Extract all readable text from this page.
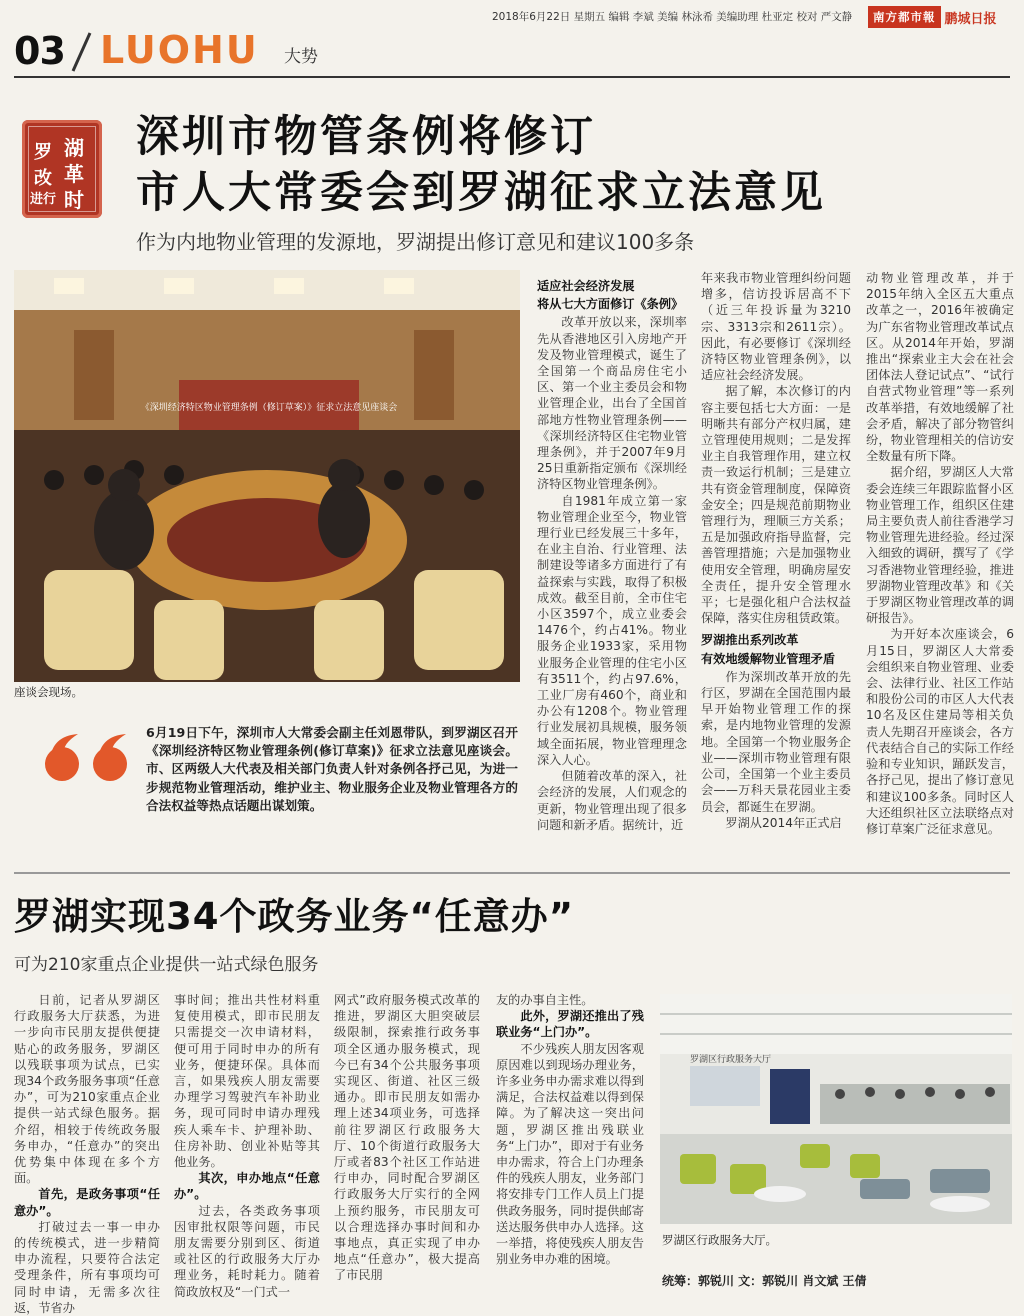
2018年6月22日 星期五 编辑 李斌 美编 林泳希 美编助理 杜亚定 校对 严文静	南方都市報 鹏城日报
03 LUOHU 大势
湖
革
时
罗
改
进行
深圳市物管条例将修订
市人大常委会到罗湖征求立法意见
作为内地物业管理的发源地，罗湖提出修订意见和建议100多条
《深圳经济特区物业管理条例（修订草案）》征求立法意见座谈会
座谈会现场。
6月19日下午，深圳市人大常委会副主任刘恩带队，到罗湖区召开《深圳经济特区物业管理条例(修订草案)》征求立法意见座谈会。市、区两级人大代表及相关部门负责人针对条例各抒己见，为进一步规范物业管理活动，维护业主、物业服务企业及物业管理各方的合法权益等热点话题出谋划策。

适应社会经济发展

将从七大方面修订《条例》

改革开放以来，深圳率先从香港地区引入房地产开发及物业管理模式，诞生了全国第一个商品房住宅小区、第一个业主委员会和物业管理企业，出台了全国首部地方性物业管理条例——《深圳经济特区住宅物业管理条例》，并于2007年9月25日重新指定颁布《深圳经济特区物业管理条例》。

自1981年成立第一家物业管理企业至今，物业管理行业已经发展三十多年，在业主自治、行业管理、法制建设等诸多方面进行了有益探索与实践，取得了积极成效。截至目前，全市住宅小区3597个，成立业委会1476个，约占41%。物业服务企业1933家，采用物业服务企业管理的住宅小区有3511个，约占97.6%，工业厂房有460个，商业和办公有1208个。物业管理行业发展初具规模，服务领域全面拓展，物业管理理念深入人心。

但随着改革的深入，社会经济的发展，人们观念的更新，物业管理出现了很多问题和新矛盾。据统计，近

年来我市物业管理纠纷问题增多，信访投诉居高不下（近三年投诉量为3210宗、3313宗和2611宗）。因此，有必要修订《深圳经济特区物业管理条例》，以适应社会经济发展。

据了解，本次修订的内容主要包括七大方面：一是明晰共有部分产权归属，建立管理使用规则；二是发挥业主自我管理作用，建立权责一致运行机制；三是建立共有资金管理制度，保障资金安全；四是规范前期物业管理行为，理顺三方关系；五是加强政府指导监督，完善管理措施；六是加强物业使用安全管理，明确房屋安全责任，提升安全管理水平；七是强化租户合法权益保障，落实住房租赁政策。

罗湖推出系列改革

有效地缓解物业管理矛盾

作为深圳改革开放的先行区，罗湖在全国范围内最早开始物业管理工作的探索，是内地物业管理的发源地。全国第一个物业服务企业——深圳市物业管理有限公司，全国第一个业主委员会——万科天景花园业主委员会，都诞生在罗湖。

罗湖从2014年正式启

动物业管理改革，并于2015年纳入全区五大重点改革之一，2016年被确定为广东省物业管理改革试点区。从2014年开始，罗湖推出“探索业主大会在社会团体法人登记试点”、“试行自营式物业管理”等一系列改革举措，有效地缓解了社会矛盾，解决了部分物管纠纷，物业管理相关的信访安全数量有所下降。

据介绍，罗湖区人大常委会连续三年跟踪监督小区物业管理工作，组织区住建局主要负责人前往香港学习物业管理先进经验。经过深入细致的调研，撰写了《学习香港物业管理经验，推进罗湖物业管理改革》和《关于罗湖区物业管理改革的调研报告》。

为开好本次座谈会，6月15日，罗湖区人大常委会组织来自物业管理、业委会、法律行业、社区工作站和股份公司的市区人大代表10名及区住建局等相关负责人先期召开座谈会，各方代表结合自己的实际工作经验和专业知识，踊跃发言，各抒己见，提出了修订意见和建议100多条。同时区人大还组织社区立法联络点对修订草案广泛征求意见。

罗湖实现34个政务业务“任意办”
可为210家重点企业提供一站式绿色服务

日前，记者从罗湖区行政服务大厅获悉，为进一步向市民朋友提供便捷贴心的政务服务，罗湖区以残联事项为试点，已实现34个政务服务事项“任意办”，可为210家重点企业提供一站式绿色服务。据介绍，相较于传统政务服务申办，“任意办”的突出优势集中体现在多个方面。

首先，是政务事项“任意办”。

打破过去一事一申办的传统模式，进一步精简申办流程，只要符合法定受理条件，所有事项均可同时申请，无需多次往返，节省办

事时间；推出共性材料重复使用模式，即市民朋友只需提交一次申请材料，便可用于同时申办的所有业务，便捷环保。具体而言，如果残疾人朋友需要办理学习驾驶汽车补助业务，现可同时申请办理残疾人乘车卡、护理补助、住房补助、创业补贴等其他业务。

其次，申办地点“任意办”。

过去，各类政务事项因审批权限等问题，市民朋友需要分别到区、街道或社区的行政服务大厅办理业务，耗时耗力。随着简政放权及“一门式一

网式”政府服务模式改革的推进，罗湖区大胆突破层级限制，探索推行政务事项全区通办服务模式，现今已有34个公共服务事项实现区、街道、社区三级通办。即市民朋友如需办理上述34项业务，可选择前往罗湖区行政服务大厅、10个街道行政服务大厅或者83个社区工作站进行申办，同时配合罗湖区行政服务大厅实行的全网上预约服务，市民朋友可以合理选择办事时间和办事地点，真正实现了申办地点“任意办”，极大提高了市民朋

友的办事自主性。

此外，罗湖还推出了残联业务“上门办”。

不少残疾人朋友因客观原因难以到现场办理业务，许多业务申办需求难以得到满足，合法权益难以得到保障。为了解决这一突出问题，罗湖区推出残联业务“上门办”，即对于有业务申办需求，符合上门办理条件的残疾人朋友，业务部门将安排专门工作人员上门提供政务服务，同时提供邮寄送达服务供申办人选择。这一举措，将使残疾人朋友告别业务申办难的困境。

罗湖区行政服务大厅
罗湖区行政服务大厅。
统筹：郭锐川 文：郭锐川 肖文斌 王倩
